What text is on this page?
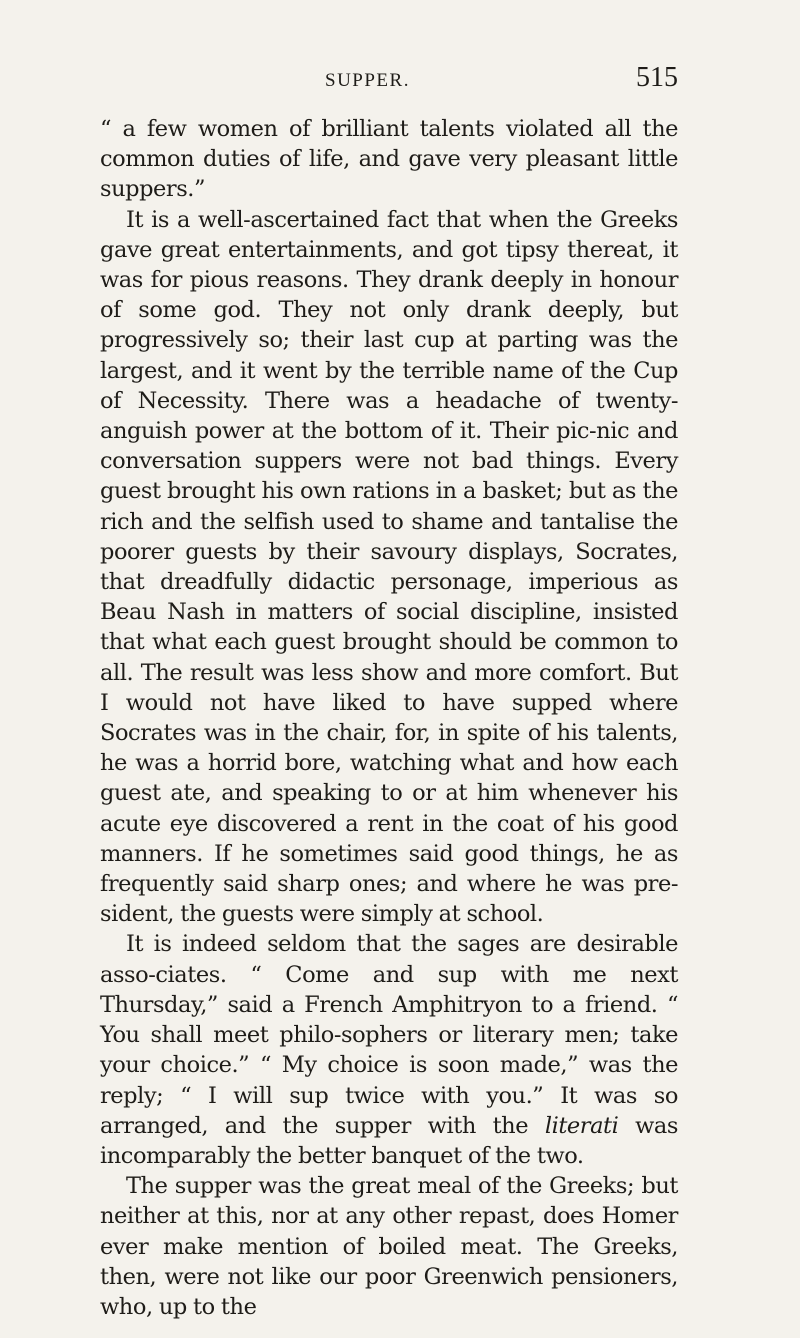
SUPPER.	515

“ a few women of brilliant talents violated all the common duties of life, and gave very pleasant little suppers.”

It is a well-ascertained fact that when the Greeks gave great entertainments, and got tipsy thereat, it was for pious reasons. They drank deeply in honour of some god. They not only drank deeply, but progressively so; their last cup at parting was the largest, and it went by the terrible name of the Cup of Necessity. There was a headache of twenty-anguish power at the bottom of it. Their pic-nic and conversation suppers were not bad things. Every guest brought his own rations in a basket; but as the rich and the selfish used to shame and tantalise the poorer guests by their savoury displays, Socrates, that dreadfully didactic personage, imperious as Beau Nash in matters of social discipline, insisted that what each guest brought should be common to all. The result was less show and more comfort. But I would not have liked to have supped where Socrates was in the chair, for, in spite of his talents, he was a horrid bore, watching what and how each guest ate, and speaking to or at him whenever his acute eye discovered a rent in the coat of his good manners. If he sometimes said good things, he as frequently said sharp ones; and where he was pre-sident, the guests were simply at school.

It is indeed seldom that the sages are desirable asso-ciates. “ Come and sup with me next Thursday,” said a French Amphitryon to a friend. “ You shall meet philo-sophers or literary men; take your choice.” “ My choice is soon made,” was the reply; “ I will sup twice with you.” It was so arranged, and the supper with the literati was incomparably the better banquet of the two.

The supper was the great meal of the Greeks; but neither at this, nor at any other repast, does Homer ever make mention of boiled meat. The Greeks, then, were not like our poor Greenwich pensioners, who, up to the
